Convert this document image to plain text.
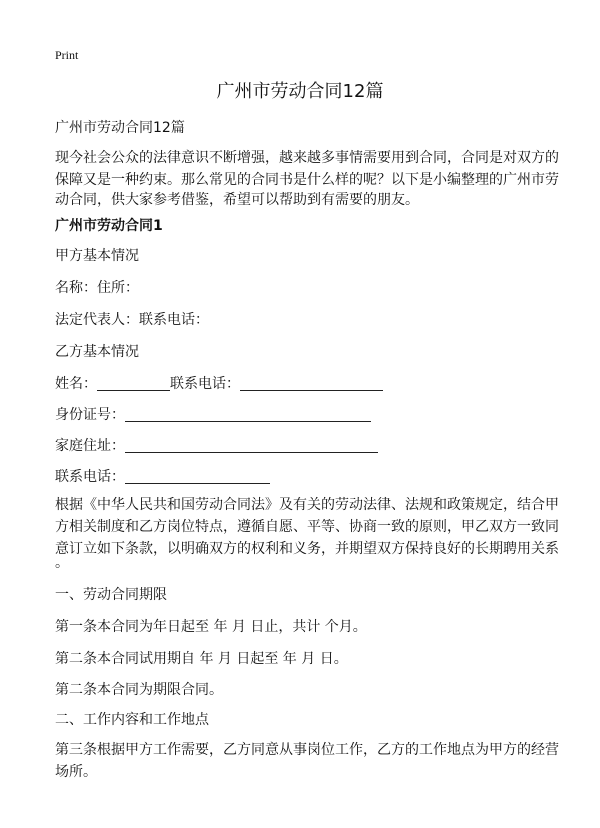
Print
广州市劳动合同12篇
广州市劳动合同12篇
现今社会公众的法律意识不断增强，越来越多事情需要用到合同，合同是对双方的
保障又是一种约束。那么常见的合同书是什么样的呢？以下是小编整理的广州市劳
动合同，供大家参考借鉴，希望可以帮助到有需要的朋友。
广州市劳动合同1
甲方基本情况
名称：住所：
法定代表人：联系电话：
乙方基本情况
姓名：	联系电话：
身份证号：
家庭住址：
联系电话：
根据《中华人民共和国劳动合同法》及有关的劳动法律、法规和政策规定，结合甲
方相关制度和乙方岗位特点，遵循自愿、平等、协商一致的原则，甲乙双方一致同
意订立如下条款，以明确双方的权利和义务，并期望双方保持良好的长期聘用关系
。
一、劳动合同期限
第一条本合同为年日起至 年 月 日止，共计 个月。
第二条本合同试用期自 年 月 日起至 年 月 日。
第二条本合同为期限合同。
二、工作内容和工作地点
第三条根据甲方工作需要，乙方同意从事岗位工作，乙方的工作地点为甲方的经营
场所。
